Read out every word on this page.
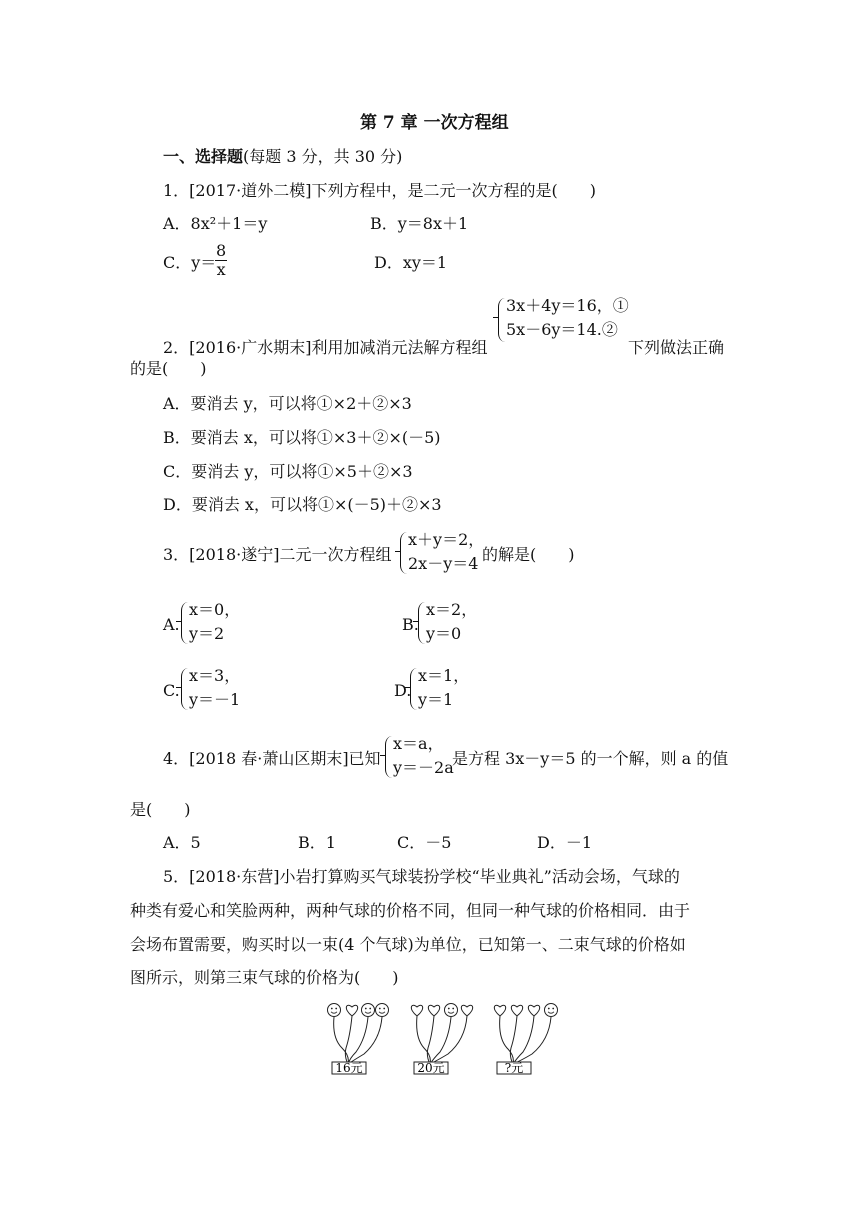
第 7 章 一次方程组
一、选择题(每题 3 分，共 30 分)
1．[2017·道外二模]下列方程中，是二元一次方程的是(　　)
A．8x²＋1＝y	B．y＝8x＋1
C．y＝
$\frac{8}{x}$	D．xy＝1
2．[2016·广水期末]利用加减消元法解方程组
3x＋4y＝16，①
5x－6y＝14.②
下列做法正确
的是(　　)
A．要消去 y，可以将①×2＋②×3
B．要消去 x，可以将①×3＋②×(－5)
C．要消去 y，可以将①×5＋②×3
D．要消去 x，可以将①×(－5)＋②×3
3．[2018·遂宁]二元一次方程组
x＋y＝2，
2x－y＝4 的解是(　　)
A.
x＝0，
y＝2	B.
x＝2，
y＝0
C.
x＝3，
y＝－1	D.
x＝1，
y＝1
4．[2018 春·萧山区期末]已知
x＝a，
y＝－2a
是方程 3x－y＝5 的一个解，则 a 的值
是(　　)
A．5	B．1	C．－5	D．－1
5．[2018·东营]小岩打算购买气球装扮学校“毕业典礼”活动会场，气球的
种类有爱心和笑脸两种，两种气球的价格不同，但同一种气球的价格相同．由于
会场布置需要，购买时以一束(4 个气球)为单位，已知第一、二束气球的价格如
图所示，则第三束气球的价格为(　　)
16元	20元	?元
